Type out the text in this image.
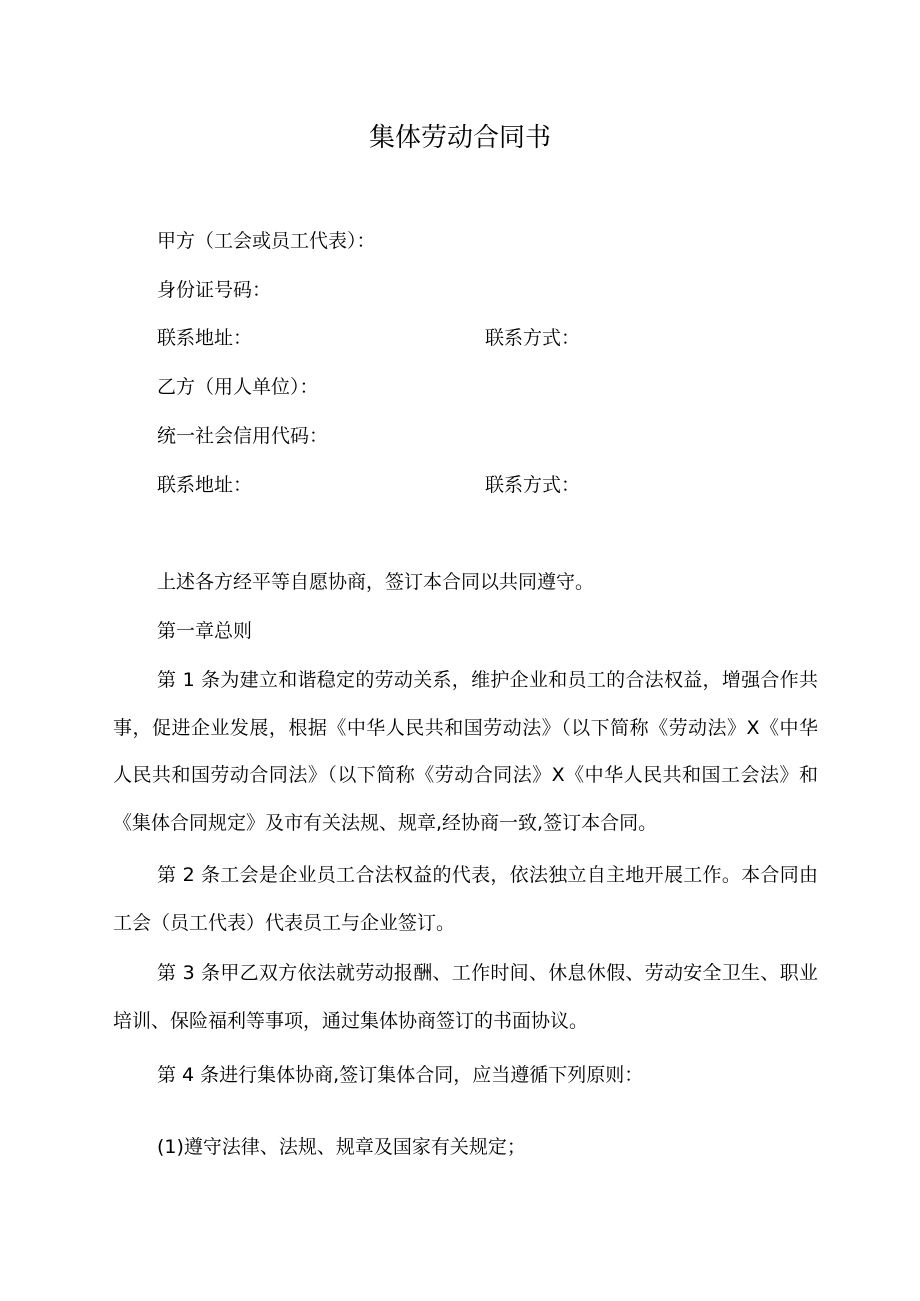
集体劳动合同书
甲方（工会或员工代表）：
身份证号码：
联系地址：	联系方式：
乙方（用人单位）：
统一社会信用代码：
联系地址：	联系方式：
上述各方经平等自愿协商，签订本合同以共同遵守。
第一章总则
第 1 条为建立和谐稳定的劳动关系，维护企业和员工的合法权益，增强合作共事，促进企业发展，根据《中华人民共和国劳动法》（以下简称《劳动法》X《中华人民共和国劳动合同法》（以下简称《劳动合同法》X《中华人民共和国工会法》和《集体合同规定》及市有关法规、规章,经协商一致,签订本合同。
第 2 条工会是企业员工合法权益的代表，依法独立自主地开展工作。本合同由工会（员工代表）代表员工与企业签订。
第 3 条甲乙双方依法就劳动报酬、工作时间、休息休假、劳动安全卫生、职业培训、保险福利等事项，通过集体协商签订的书面协议。
第 4 条进行集体协商,签订集体合同，应当遵循下列原则：
(1)遵守法律、法规、规章及国家有关规定；
